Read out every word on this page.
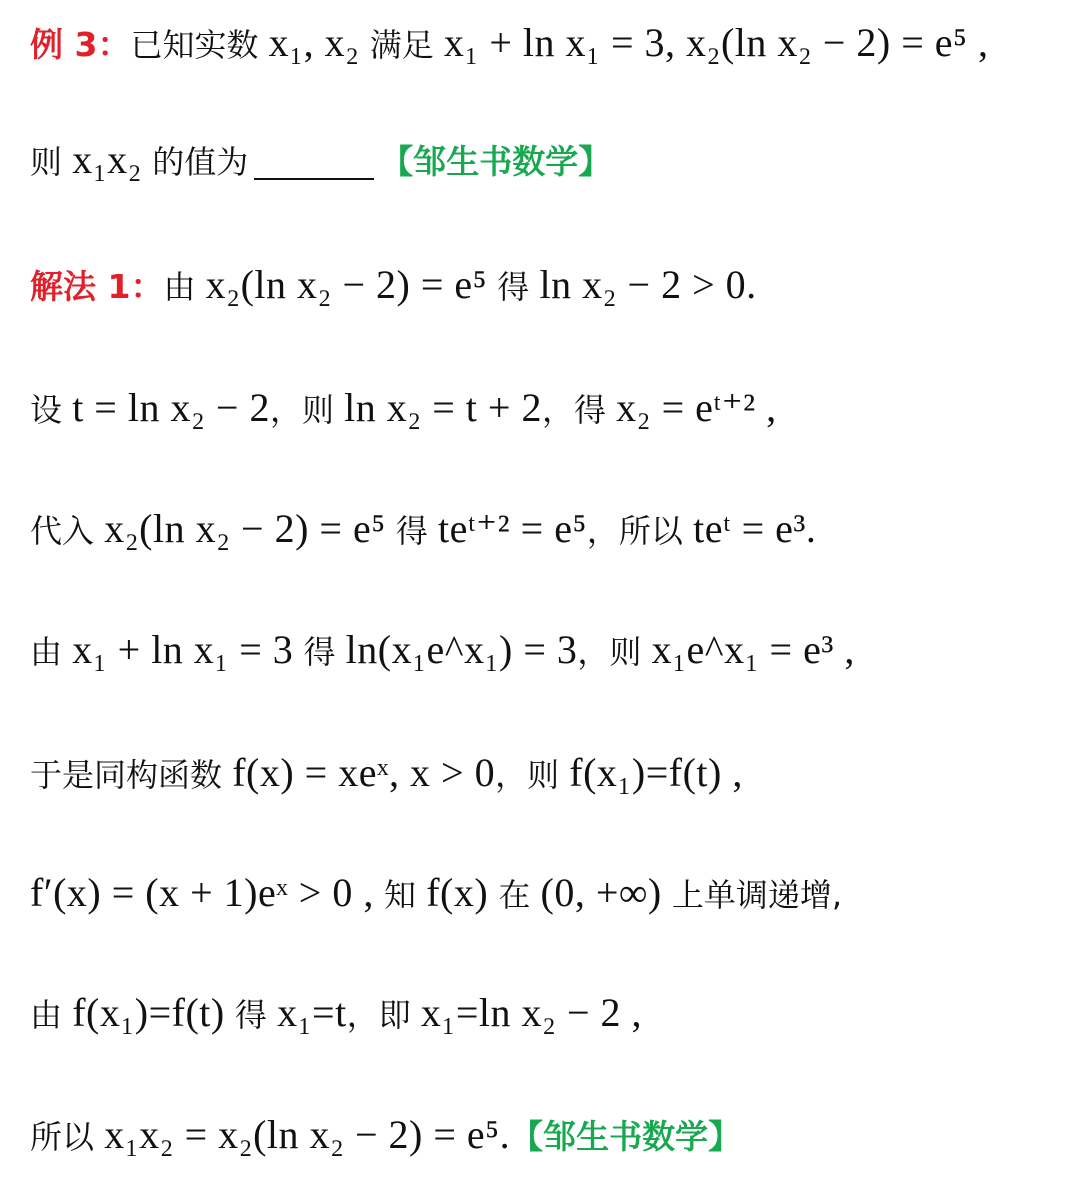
例 3：已知实数 x₁, x₂ 满足 x₁ + ln x₁ = 3, x₂(ln x₂ − 2) = e⁵ ,
则 x₁x₂ 的值为	【邹生书数学】
解法 1：由 x₂(ln x₂ − 2) = e⁵ 得 ln x₂ − 2 > 0.
设 t = ln x₂ − 2，则 ln x₂ = t + 2，得 x₂ = eᵗ⁺² ,
代入 x₂(ln x₂ − 2) = e⁵ 得 teᵗ⁺² = e⁵，所以 teᵗ = e³.
由 x₁ + ln x₁ = 3 得 ln(x₁e^x₁) = 3，则 x₁e^x₁ = e³ ,
于是同构函数 f(x) = xeˣ, x > 0，则 f(x₁)=f(t) ,
f′(x) = (x + 1)eˣ > 0 , 知 f(x) 在 (0, +∞) 上单调递增,
由 f(x₁)=f(t) 得 x₁=t，即 x₁=ln x₂ − 2 ,
所以 x₁x₂ = x₂(ln x₂ − 2) = e⁵.【邹生书数学】
